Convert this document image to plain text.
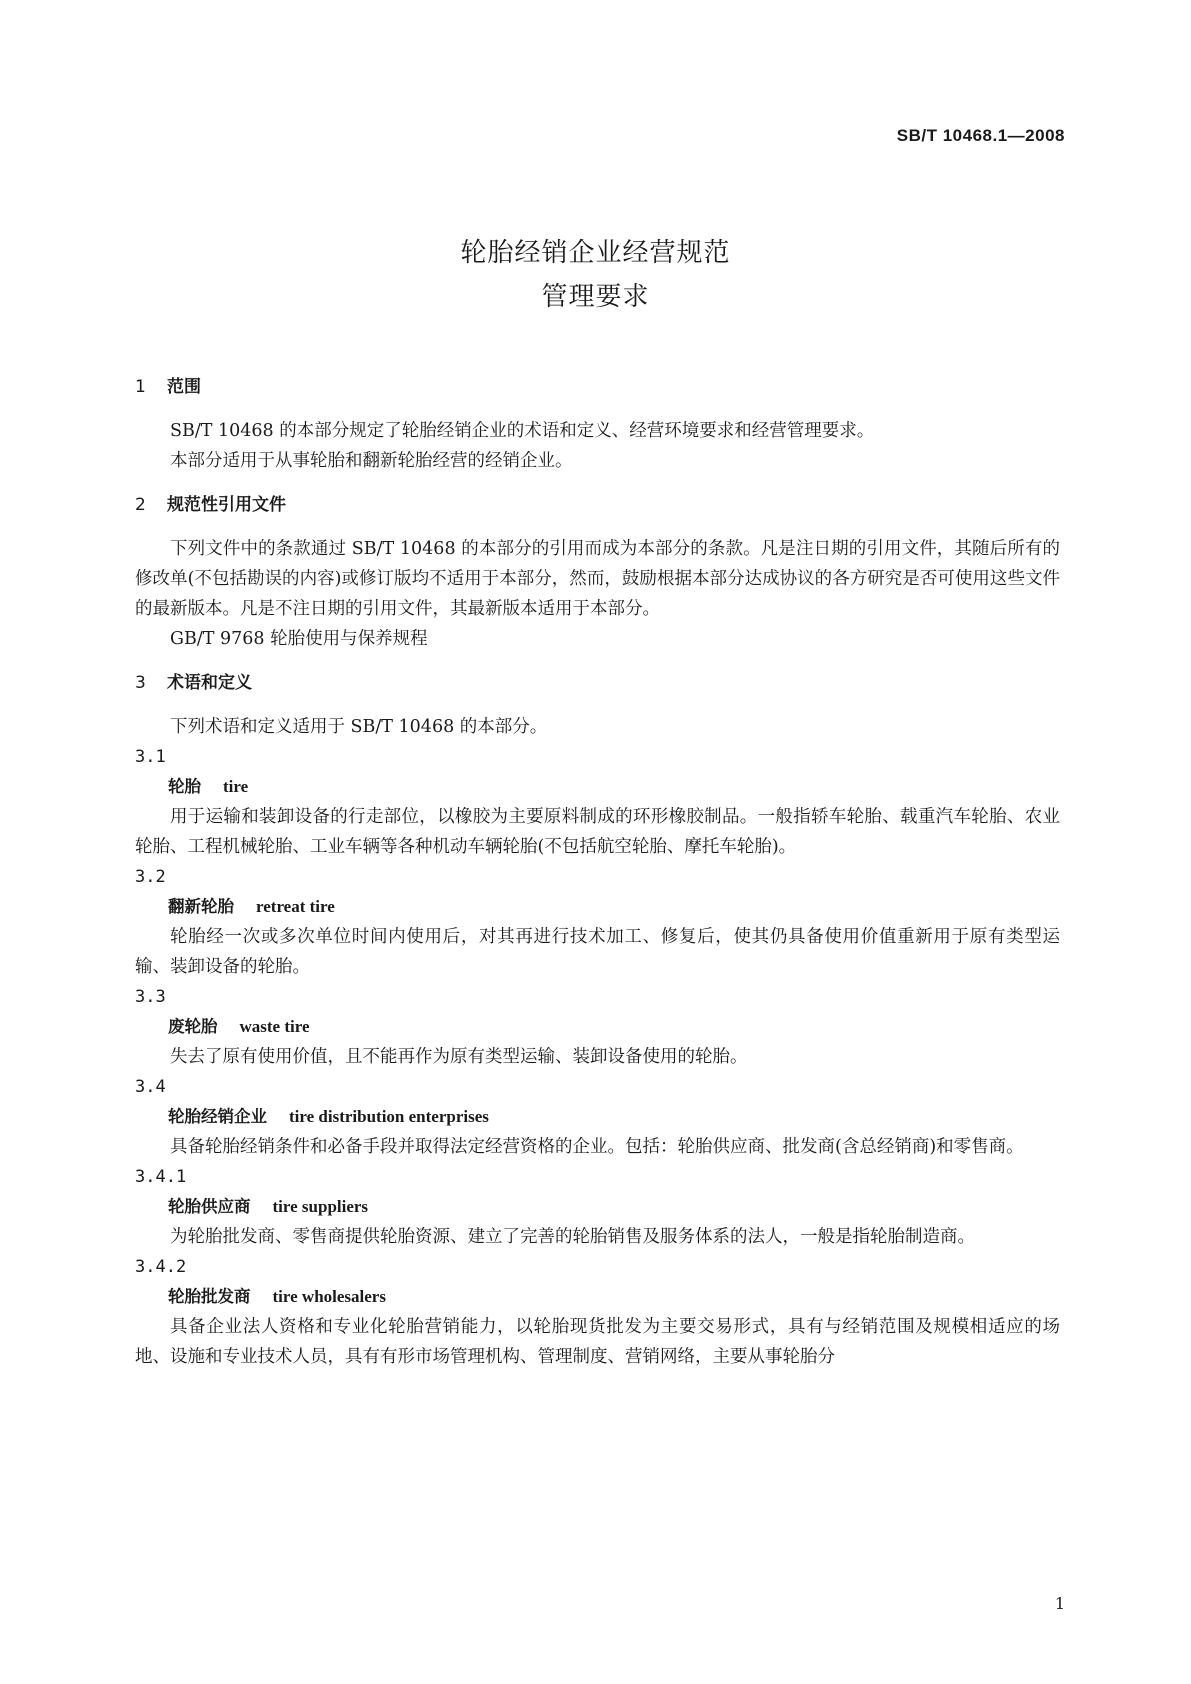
SB/T 10468.1—2008
轮胎经销企业经营规范
管理要求
1 范围

SB/T 10468 的本部分规定了轮胎经销企业的术语和定义、经营环境要求和经营管理要求。

本部分适用于从事轮胎和翻新轮胎经营的经销企业。

2 规范性引用文件

下列文件中的条款通过 SB/T 10468 的本部分的引用而成为本部分的条款。凡是注日期的引用文件，其随后所有的修改单(不包括勘误的内容)或修订版均不适用于本部分，然而，鼓励根据本部分达成协议的各方研究是否可使用这些文件的最新版本。凡是不注日期的引用文件，其最新版本适用于本部分。

GB/T 9768 轮胎使用与保养规程

3 术语和定义

下列术语和定义适用于 SB/T 10468 的本部分。

3.1
轮胎 tire

用于运输和装卸设备的行走部位，以橡胶为主要原料制成的环形橡胶制品。一般指轿车轮胎、载重汽车轮胎、农业轮胎、工程机械轮胎、工业车辆等各种机动车辆轮胎(不包括航空轮胎、摩托车轮胎)。

3.2
翻新轮胎 retreat tire

轮胎经一次或多次单位时间内使用后，对其再进行技术加工、修复后，使其仍具备使用价值重新用于原有类型运输、装卸设备的轮胎。

3.3
废轮胎 waste tire

失去了原有使用价值，且不能再作为原有类型运输、装卸设备使用的轮胎。

3.4
轮胎经销企业 tire distribution enterprises

具备轮胎经销条件和必备手段并取得法定经营资格的企业。包括：轮胎供应商、批发商(含总经销商)和零售商。

3.4.1
轮胎供应商 tire suppliers

为轮胎批发商、零售商提供轮胎资源、建立了完善的轮胎销售及服务体系的法人，一般是指轮胎制造商。

3.4.2
轮胎批发商 tire wholesalers

具备企业法人资格和专业化轮胎营销能力，以轮胎现货批发为主要交易形式，具有与经销范围及规模相适应的场地、设施和专业技术人员，具有有形市场管理机构、管理制度、营销网络，主要从事轮胎分

1
